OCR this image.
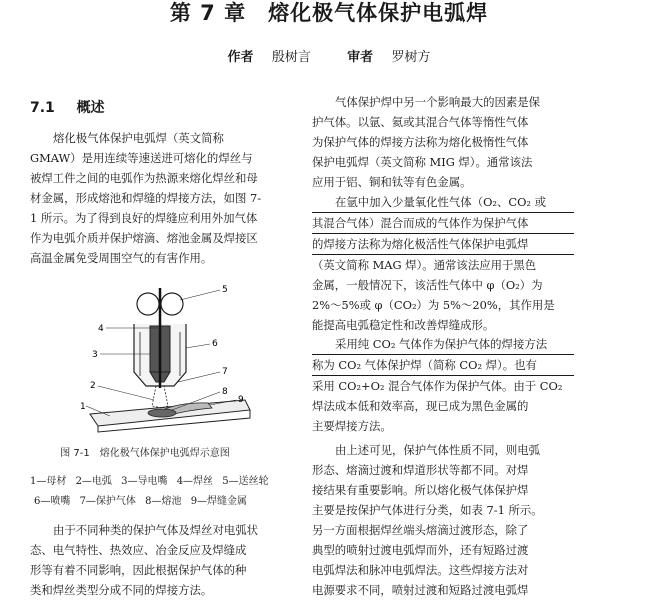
第 7 章　熔化极气体保护电弧焊
作者 殷树言	审者 罗树方
7.1 概述
熔化极气体保护电弧焊（英文简称
GMAW）是用连续等速送进可熔化的焊丝与
被焊工件之间的电弧作为热源来熔化焊丝和母
材金属，形成熔池和焊缝的焊接方法，如图 7-
1 所示。为了得到良好的焊缝应利用外加气体
作为电弧介质并保护熔滴、熔池金属及焊接区
高温金属免受周围空气的有害作用。
1
2
3
4
5
6
7
8
9
图 7-1　熔化极气体保护电弧焊示意图
1—母材 2—电弧 3—导电嘴 4—焊丝 5—送丝轮
6—喷嘴 7—保护气体 8—熔池 9—焊缝金属
由于不同种类的保护气体及焊丝对电弧状
态、电气特性、热效应、冶金反应及焊缝成
形等有着不同影响，因此根据保护气体的种
类和焊丝类型分成不同的焊接方法。
气体保护焊中另一个影响最大的因素是保
护气体。以氩、氦或其混合气体等惰性气体
为保护气体的焊接方法称为熔化极惰性气体
保护电弧焊（英文简称 MIG 焊）。通常该法
应用于铝、铜和钛等有色金属。
在氩中加入少量氧化性气体（O₂、CO₂ 或
其混合气体）混合而成的气体作为保护气体
的焊接方法称为熔化极活性气体保护电弧焊
（英文简称 MAG 焊）。通常该法应用于黑色
金属，一般情况下，该活性气体中 φ（O₂）为
2%～5%或 φ（CO₂）为 5%～20%，其作用是
能提高电弧稳定性和改善焊缝成形。
采用纯 CO₂ 气体作为保护气体的焊接方法
称为 CO₂ 气体保护焊（简称 CO₂ 焊）。也有
采用 CO₂+O₂ 混合气体作为保护气体。由于 CO₂
焊法成本低和效率高，现已成为黑色金属的
主要焊接方法。
由上述可见，保护气体性质不同，则电弧
形态、熔滴过渡和焊道形状等都不同。对焊
接结果有重要影响。所以熔化极气体保护焊
主要是按保护气体进行分类，如表 7-1 所示。
另一方面根据焊丝端头熔滴过渡形态，除了
典型的喷射过渡电弧焊而外，还有短路过渡
电弧焊法和脉冲电弧焊法。这些焊接方法对
电源要求不同，喷射过渡和短路过渡电弧焊
